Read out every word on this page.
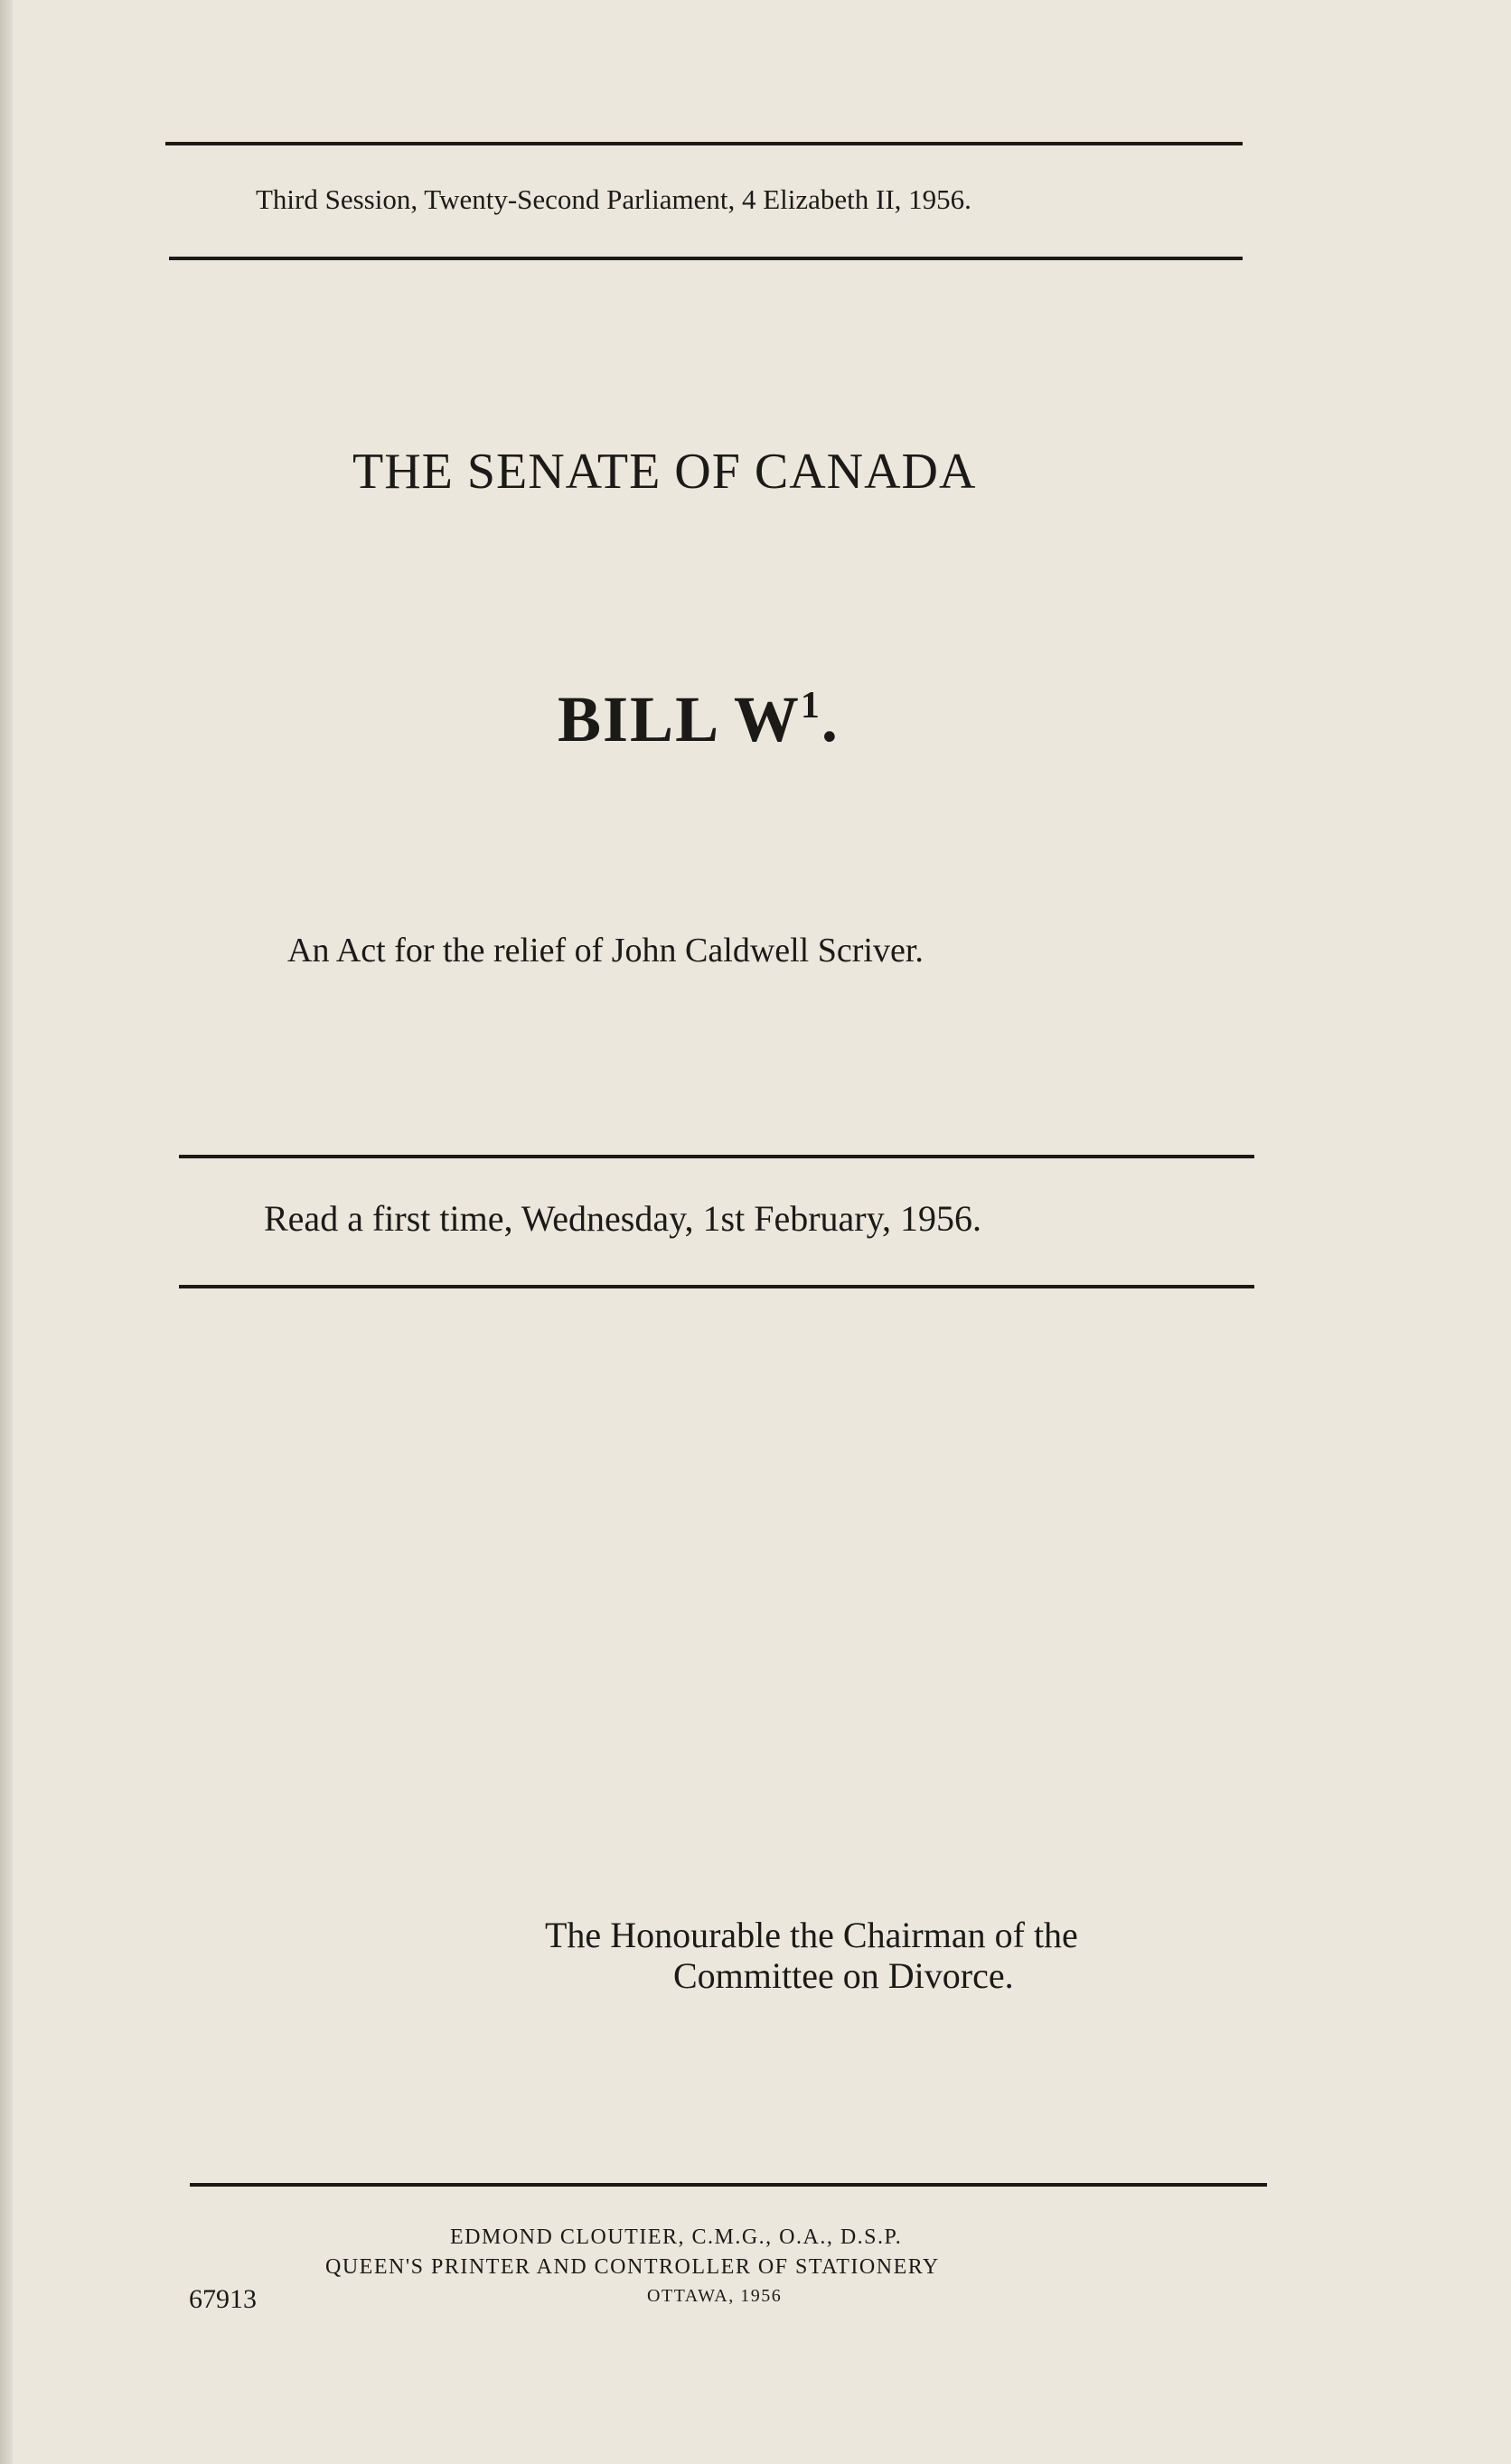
Third Session, Twenty-Second Parliament, 4 Elizabeth II, 1956.
THE SENATE OF CANADA
BILL $W^1$.
An Act for the relief of John Caldwell Scriver.
Read a first time, Wednesday, 1st February, 1956.
The Honourable the Chairman of the
Committee on Divorce.
EDMOND CLOUTIER, C.M.G., O.A., D.S.P.
QUEEN'S PRINTER AND CONTROLLER OF STATIONERY
OTTAWA, 1956
67913
